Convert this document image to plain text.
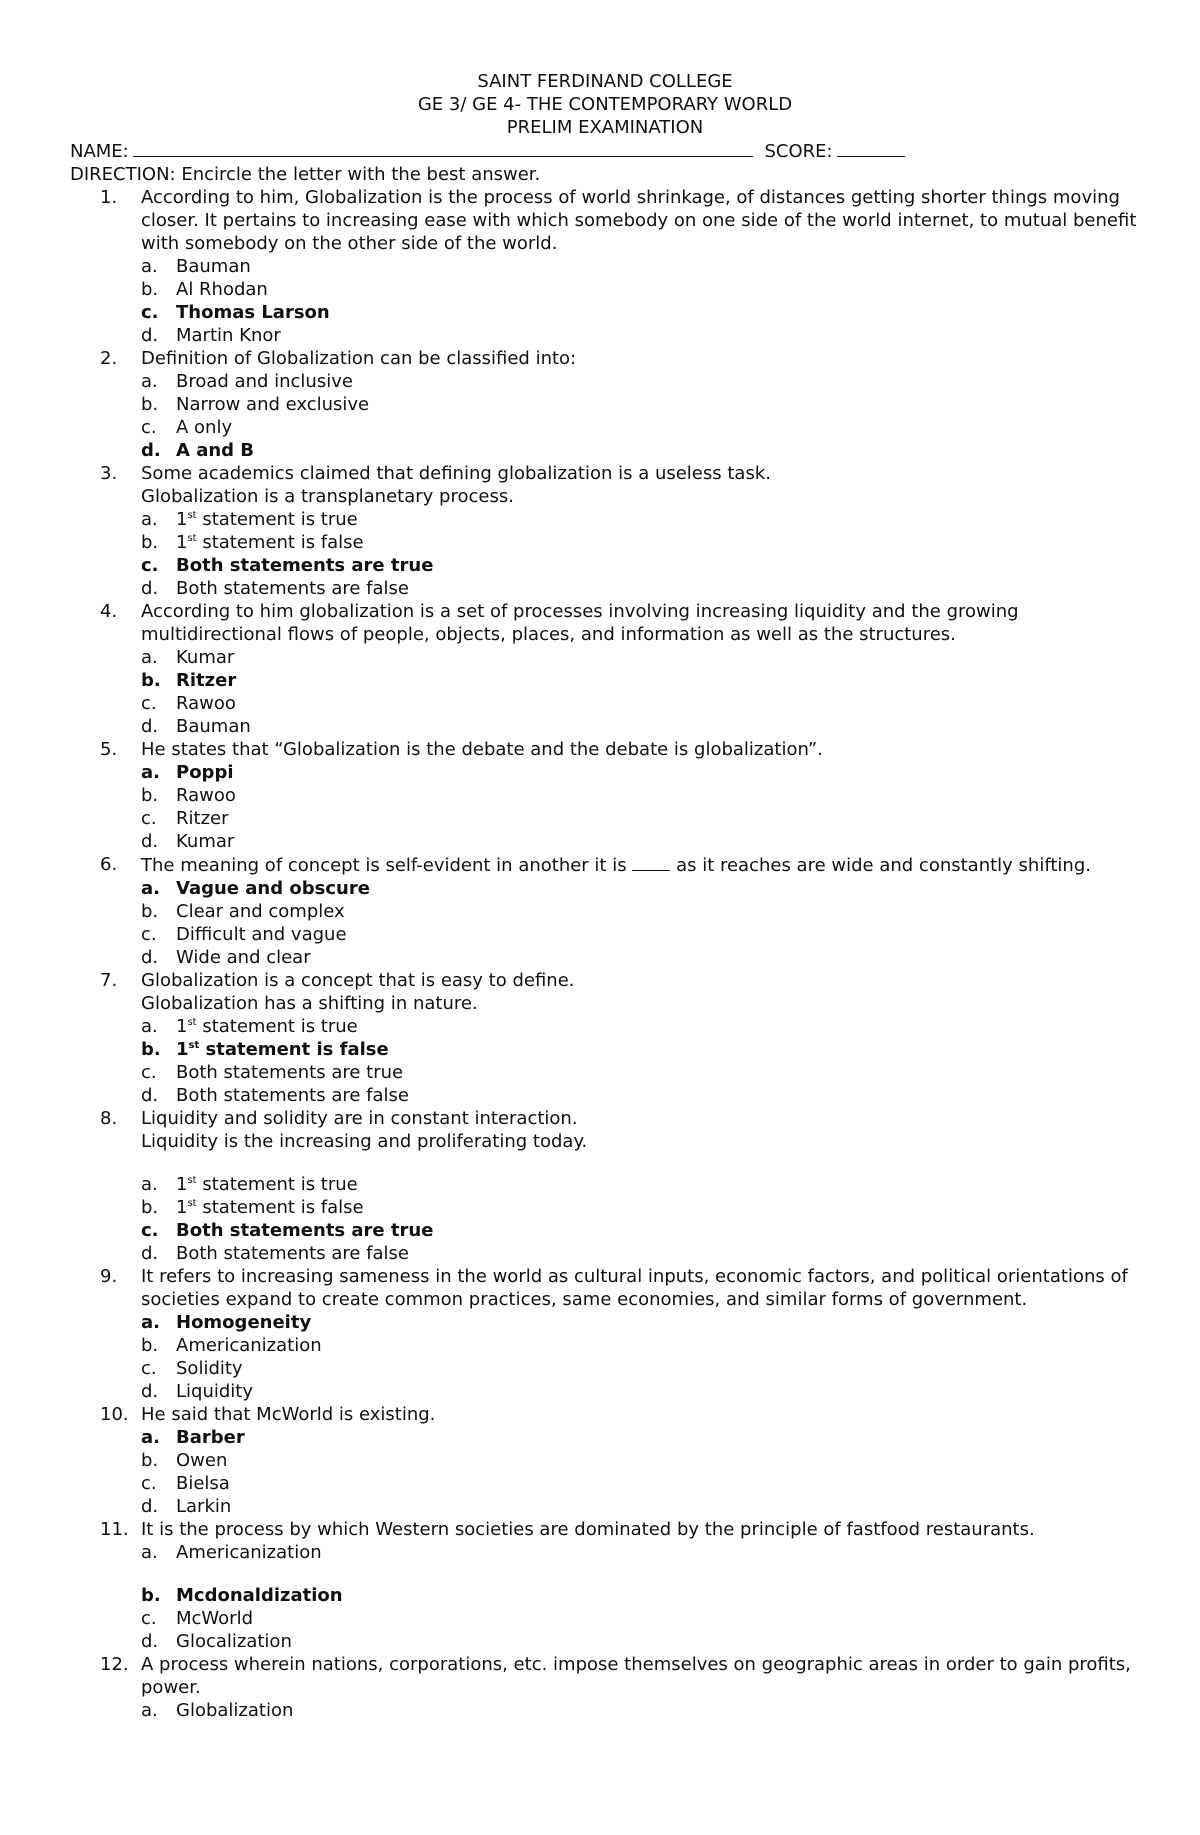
SAINT FERDINAND COLLEGE
GE 3/ GE 4- THE CONTEMPORARY WORLD
PRELIM EXAMINATION
NAME:	SCORE:
DIRECTION: Encircle the letter with the best answer.
1.	According to him, Globalization is the process of world shrinkage, of distances getting shorter things moving closer. It pertains to increasing ease with which somebody on one side of the world internet, to mutual benefit with somebody on the other side of the world.
a. Bauman
b. Al Rhodan
c. Thomas Larson
d. Martin Knor
2.	Definition of Globalization can be classified into:
a. Broad and inclusive
b. Narrow and exclusive
c. A only
d. A and B
3.	Some academics claimed that defining globalization is a useless task.
Globalization is a transplanetary process.
a. 1st statement is true
b. 1st statement is false
c. Both statements are true
d. Both statements are false
4.	According to him globalization is a set of processes involving increasing liquidity and the growing multidirectional flows of people, objects, places, and information as well as the structures.
a. Kumar
b. Ritzer
c. Rawoo
d. Bauman
5.	He states that “Globalization is the debate and the debate is globalization”.
a. Poppi
b. Rawoo
c. Ritzer
d. Kumar
6.	The meaning of concept is self-evident in another it is	as it reaches are wide and constantly shifting.
a. Vague and obscure
b. Clear and complex
c. Difficult and vague
d. Wide and clear
7.	Globalization is a concept that is easy to define.
Globalization has a shifting in nature.
a. 1st statement is true
b. 1st statement is false
c. Both statements are true
d. Both statements are false
8.	Liquidity and solidity are in constant interaction.
Liquidity is the increasing and proliferating today.
a. 1st statement is true
b. 1st statement is false
c. Both statements are true
d. Both statements are false
9.	It refers to increasing sameness in the world as cultural inputs, economic factors, and political orientations of societies expand to create common practices, same economies, and similar forms of government.
a. Homogeneity
b. Americanization
c. Solidity
d. Liquidity
10. He said that McWorld is existing.
a. Barber
b. Owen
c. Bielsa
d. Larkin
11. It is the process by which Western societies are dominated by the principle of fastfood restaurants.
a. Americanization
b. Mcdonaldization
c. McWorld
d. Glocalization
12. A process wherein nations, corporations, etc. impose themselves on geographic areas in order to gain profits, power.
a. Globalization
